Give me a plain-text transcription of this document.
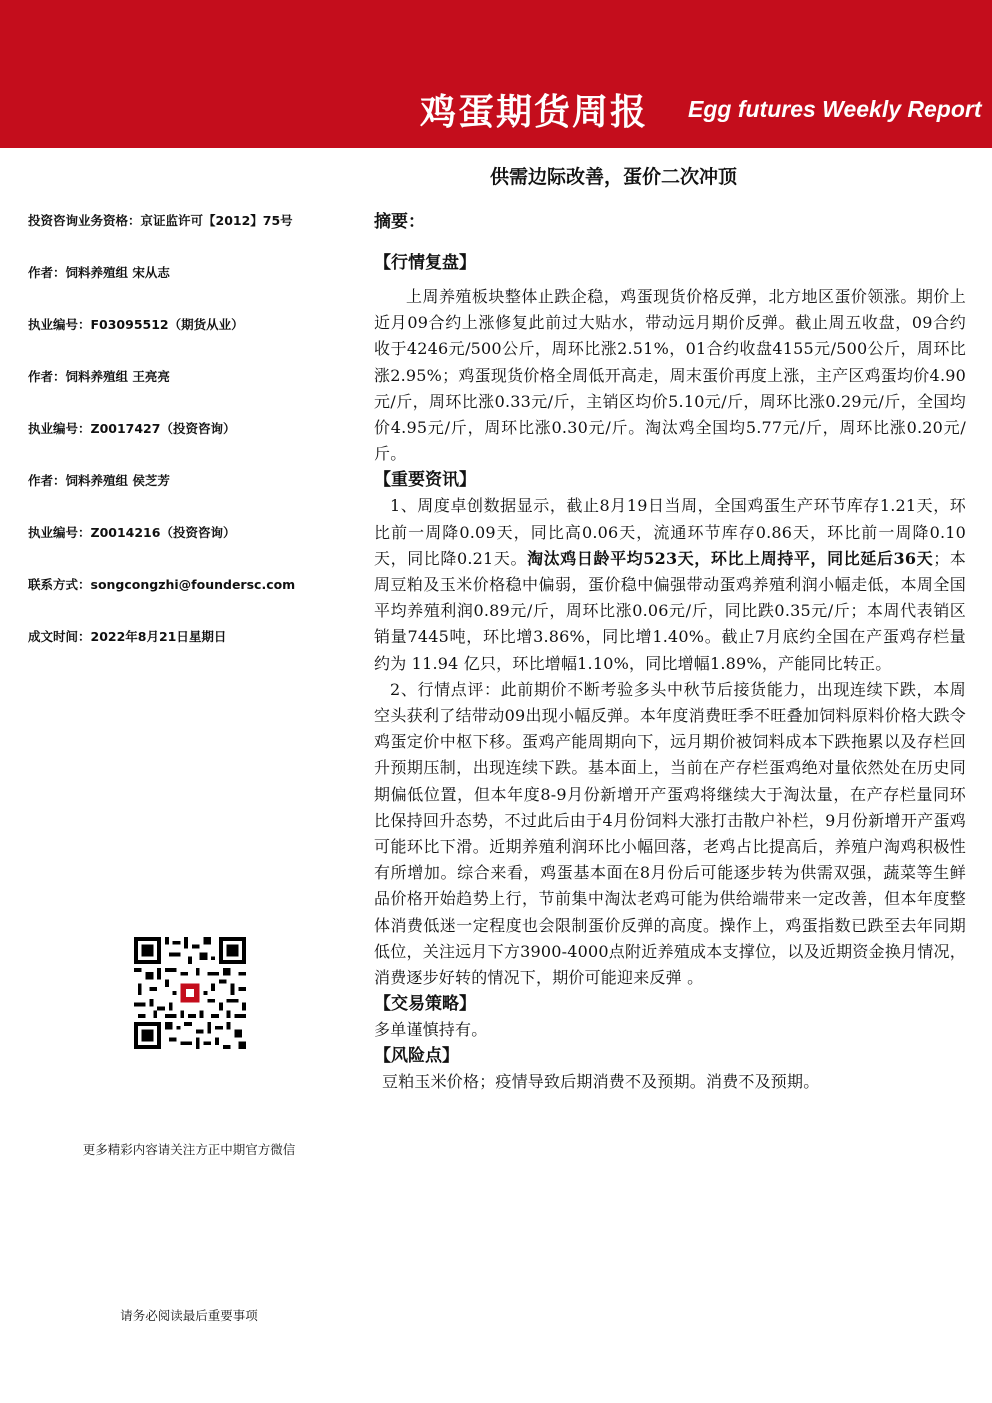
鸡蛋期货周报 Egg futures Weekly Report
供需边际改善，蛋价二次冲顶
投资咨询业务资格：京证监许可【2012】75号
作者：饲料养殖组 宋从志
执业编号：F03095512（期货从业）
作者：饲料养殖组 王亮亮
执业编号：Z0017427（投资咨询）
作者：饲料养殖组 侯芝芳
执业编号：Z0014216（投资咨询）
联系方式：songcongzhi@foundersc.com
成文时间：2022年8月21日星期日
更多精彩内容请关注方正中期官方微信
请务必阅读最后重要事项
摘要：

【行情复盘】

上周养殖板块整体止跌企稳，鸡蛋现货价格反弹，北方地区蛋价领涨。期价上近月09合约上涨修复此前过大贴水，带动远月期价反弹。截止周五收盘，09合约收于4246元/500公斤，周环比涨2.51%，01合约收盘4155元/500公斤，周环比涨2.95%；鸡蛋现货价格全周低开高走，周末蛋价再度上涨，主产区鸡蛋均价4.90元/斤，周环比涨0.33元/斤，主销区均价5.10元/斤，周环比涨0.29元/斤，全国均价4.95元/斤，周环比涨0.30元/斤。淘汰鸡全国均5.77元/斤，周环比涨0.20元/斤。

【重要资讯】

1、周度卓创数据显示，截止8月19日当周，全国鸡蛋生产环节库存1.21天，环比前一周降0.09天，同比高0.06天，流通环节库存0.86天，环比前一周降0.10天，同比降0.21天。淘汰鸡日龄平均523天，环比上周持平，同比延后36天；本周豆粕及玉米价格稳中偏弱，蛋价稳中偏强带动蛋鸡养殖利润小幅走低，本周全国平均养殖利润0.89元/斤，周环比涨0.06元/斤，同比跌0.35元/斤；本周代表销区销量7445吨，环比增3.86%，同比增1.40%。截止7月底约全国在产蛋鸡存栏量约为 11.94 亿只，环比增幅1.10%，同比增幅1.89%，产能同比转正。

2、行情点评：此前期价不断考验多头中秋节后接货能力，出现连续下跌，本周空头获利了结带动09出现小幅反弹。本年度消费旺季不旺叠加饲料原料价格大跌令鸡蛋定价中枢下移。蛋鸡产能周期向下，远月期价被饲料成本下跌拖累以及存栏回升预期压制，出现连续下跌。基本面上，当前在产存栏蛋鸡绝对量依然处在历史同期偏低位置，但本年度8-9月份新增开产蛋鸡将继续大于淘汰量，在产存栏量同环比保持回升态势，不过此后由于4月份饲料大涨打击散户补栏，9月份新增开产蛋鸡可能环比下滑。近期养殖利润环比小幅回落，老鸡占比提高后，养殖户淘鸡积极性有所增加。综合来看，鸡蛋基本面在8月份后可能逐步转为供需双强，蔬菜等生鲜品价格开始趋势上行，节前集中淘汰老鸡可能为供给端带来一定改善，但本年度整体消费低迷一定程度也会限制蛋价反弹的高度。操作上，鸡蛋指数已跌至去年同期低位，关注远月下方3900-4000点附近养殖成本支撑位，以及近期资金换月情况，消费逐步好转的情况下，期价可能迎来反弹 。

【交易策略】

多单谨慎持有。

【风险点】

豆粕玉米价格；疫情导致后期消费不及预期。消费不及预期。
